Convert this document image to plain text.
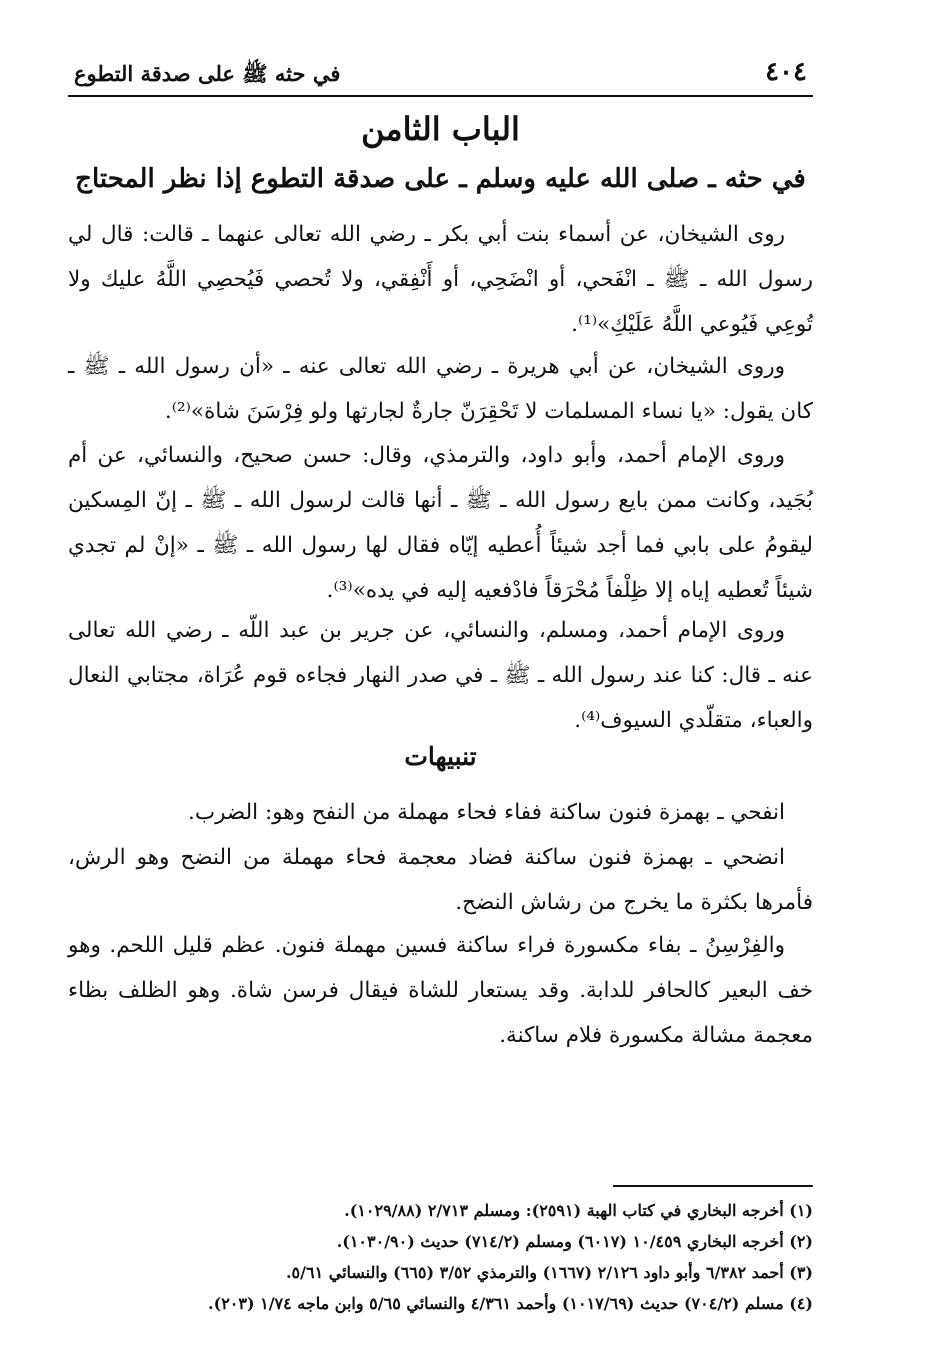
٤٠٤
في حثه ﷺ على صدقة التطوع
الباب الثامن
في حثه ـ صلى الله عليه وسلم ـ على صدقة التطوع إذا نظر المحتاج

روى الشيخان، عن أسماء بنت أبي بكر ـ رضي الله تعالى عنهما ـ قالت: قال لي رسول الله ـ ﷺ ـ انْفَحي، أو انْضَحِي، أو أَنْفِقي، ولا تُحصي فَيُحصِي اللَّهُ عليك ولا تُوعِي فَيُوعي اللَّهُ عَلَيْكِ»⁽¹⁾.

وروى الشيخان، عن أبي هريرة ـ رضي الله تعالى عنه ـ «أن رسول الله ـ ﷺ ـ كان يقول: «يا نساء المسلمات لا تَحْقِرَنّ جارةٌ لجارتها ولو فِرْسَنَ شاة»⁽²⁾.

وروى الإمام أحمد، وأبو داود، والترمذي، وقال: حسن صحيح، والنسائي، عن أم بُجَيد، وكانت ممن بايع رسول الله ـ ﷺ ـ أنها قالت لرسول الله ـ ﷺ ـ إنّ المِسكين ليقومُ على بابي فما أجد شيئاً أُعطيه إيّاه فقال لها رسول الله ـ ﷺ ـ «إنْ لم تجدي شيئاً تُعطيه إياه إلا ظِلْفاً مُحْرَقاً فادْفعيه إليه في يده»⁽³⁾.

وروى الإمام أحمد، ومسلم، والنسائي، عن جرير بن عبد اللّه ـ رضي الله تعالى عنه ـ قال: كنا عند رسول الله ـ ﷺ ـ في صدر النهار فجاءه قوم عُرَاة، مجتابي النعال والعباء، متقلّدي السيوف⁽⁴⁾.

تنبيهات

انفحي ـ بهمزة فنون ساكنة ففاء فحاء مهملة من النفح وهو: الضرب.

انضحي ـ بهمزة فنون ساكنة فضاد معجمة فحاء مهملة من النضح وهو الرش، فأمرها بكثرة ما يخرج من رشاش النضح.

والفِرْسِنُ ـ بفاء مكسورة فراء ساكنة فسين مهملة فنون. عظم قليل اللحم. وهو خف البعير كالحافر للدابة. وقد يستعار للشاة فيقال فرسن شاة. وهو الظلف بظاء معجمة مشالة مكسورة فلام ساكنة.

(١) أخرجه البخاري في كتاب الهبة (٢٥٩١): ومسلم ٢/٧١٣ (١٠٢٩/٨٨).
(٢) أخرجه البخاري ١٠/٤٥٩ (٦٠١٧) ومسلم (٧١٤/٢) حديث (١٠٣٠/٩٠).
(٣) أحمد ٦/٣٨٢ وأبو داود ٢/١٢٦ (١٦٦٧) والترمذي ٣/٥٢ (٦٦٥) والنسائي ٥/٦١.
(٤) مسلم (٧٠٤/٢) حديث (١٠١٧/٦٩) وأحمد ٤/٣٦١ والنسائي ٥/٦٥ وابن ماجه ١/٧٤ (٢٠٣).
